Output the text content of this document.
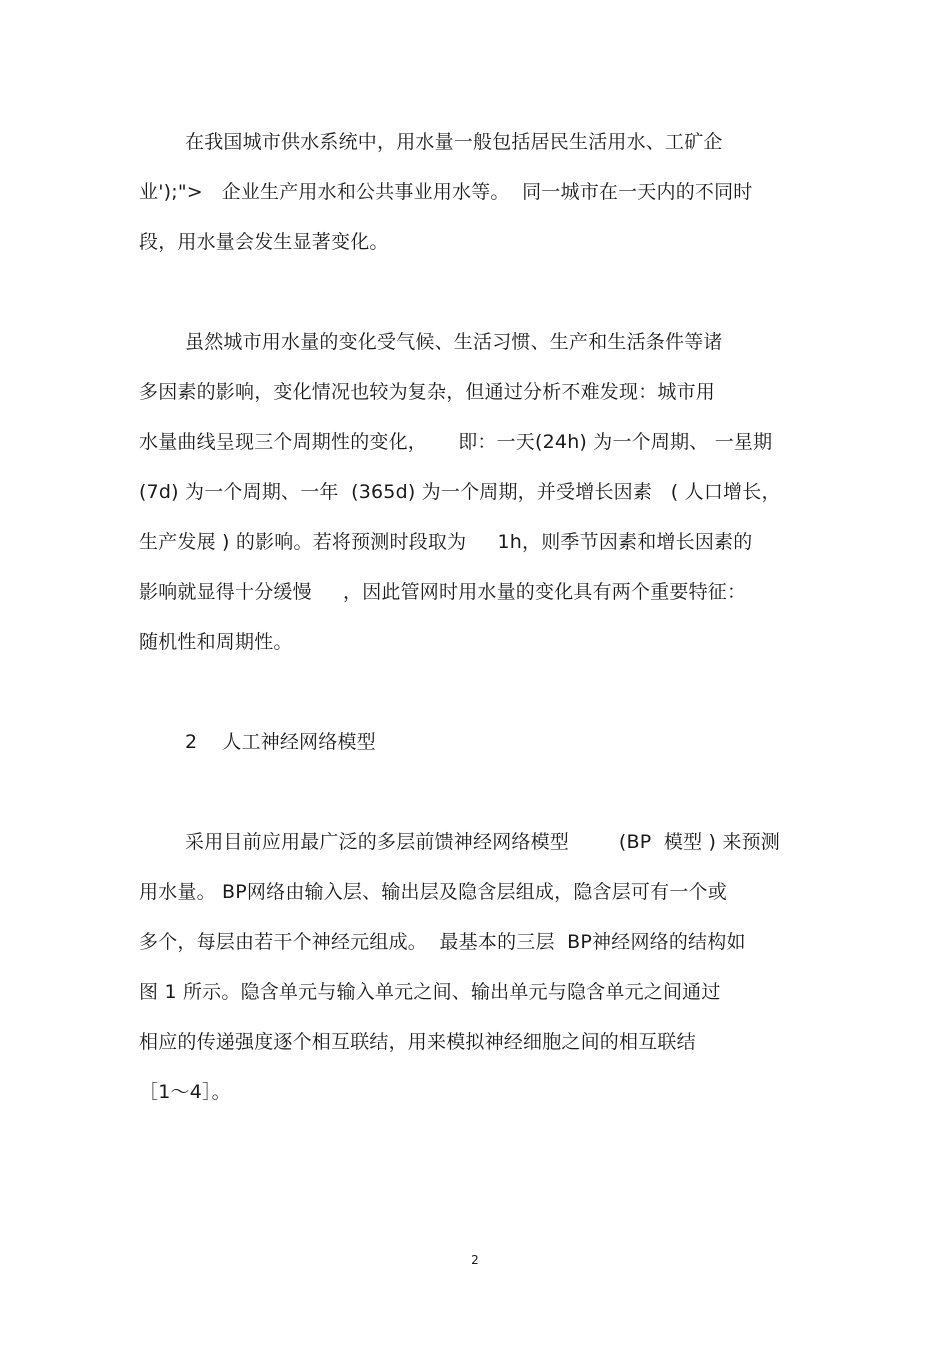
在我国城市供水系统中，用水量一般包括居民生活用水、工矿企
业');">   企业生产用水和公共事业用水等。  同一城市在一天内的不同时
段，用水量会发生显著变化。
虽然城市用水量的变化受气候、生活习惯、生产和生活条件等诸
多因素的影响，变化情况也较为复杂，但通过分析不难发现：城市用
水量曲线呈现三个周期性的变化，     即：一天(24h) 为一个周期、 一星期
(7d) 为一个周期、一年  (365d) 为一个周期，并受增长因素   ( 人口增长，
生产发展 ) 的影响。若将预测时段取为     1h，则季节因素和增长因素的
影响就显得十分缓慢     ，因此管网时用水量的变化具有两个重要特征：
随机性和周期性。
2    人工神经网络模型
采用目前应用最广泛的多层前馈神经网络模型        (BP  模型 ) 来预测
用水量。 BP网络由输入层、输出层及隐含层组成，隐含层可有一个或
多个，每层由若干个神经元组成。  最基本的三层  BP神经网络的结构如
图 1 所示。隐含单元与输入单元之间、输出单元与隐含单元之间通过
相应的传递强度逐个相互联结，用来模拟神经细胞之间的相互联结
［1～4］。
2
